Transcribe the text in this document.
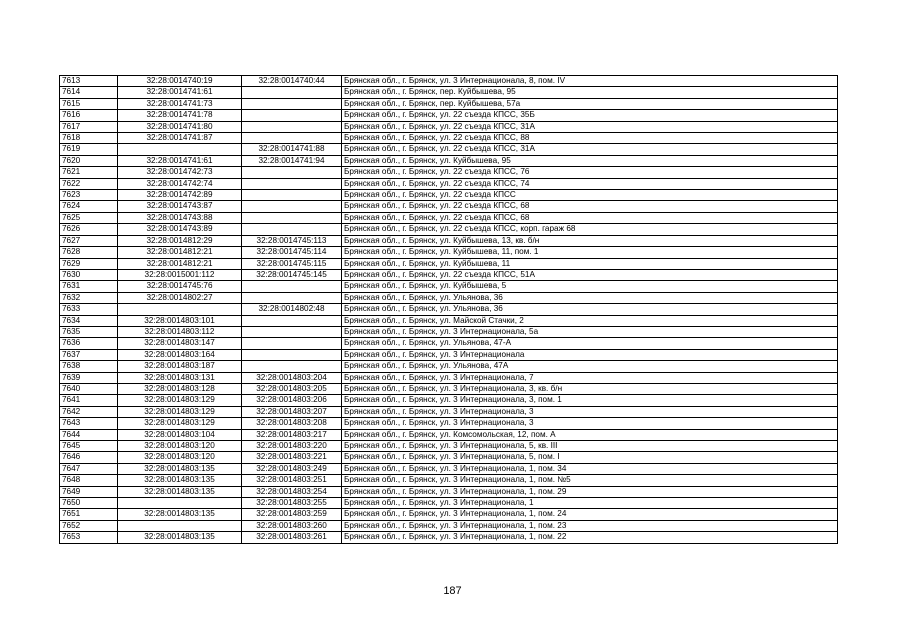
7613	32:28:0014740:19	32:28:0014740:44	Брянская обл., г. Брянск, ул. 3 Интернационала, 8, пом. IV
7614	32:28:0014741:61		Брянская обл., г. Брянск, пер. Куйбышева, 95
7615	32:28:0014741:73		Брянская обл., г. Брянск, пер. Куйбышева, 57а
7616	32:28:0014741:78		Брянская обл., г. Брянск, ул. 22 съезда КПСС, 35Б
7617	32:28:0014741:80		Брянская обл., г. Брянск, ул. 22 съезда КПСС, 31А
7618	32:28:0014741:87		Брянская обл., г. Брянск, ул. 22 съезда КПСС, 88
7619		32:28:0014741:88	Брянская обл., г. Брянск, ул. 22 съезда КПСС, 31А
7620	32:28:0014741:61	32:28:0014741:94	Брянская обл., г. Брянск, ул. Куйбышева, 95
7621	32:28:0014742:73		Брянская обл., г. Брянск, ул. 22 съезда КПСС, 76
7622	32:28:0014742:74		Брянская обл., г. Брянск, ул. 22 съезда КПСС, 74
7623	32:28:0014742:89		Брянская обл., г. Брянск, ул. 22 съезда КПСС
7624	32:28:0014743:87		Брянская обл., г. Брянск, ул. 22 съезда КПСС, 68
7625	32:28:0014743:88		Брянская обл., г. Брянск, ул. 22 съезда КПСС, 68
7626	32:28:0014743:89		Брянская обл., г. Брянск, ул. 22 съезда КПСС, корп. гараж 68
7627	32:28:0014812:29	32:28:0014745:113	Брянская обл., г. Брянск, ул. Куйбышева, 13, кв. б/н
7628	32:28:0014812:21	32:28:0014745:114	Брянская обл., г. Брянск, ул. Куйбышева, 11, пом. 1
7629	32:28:0014812:21	32:28:0014745:115	Брянская обл., г. Брянск, ул. Куйбышева, 11
7630	32:28:0015001:112	32:28:0014745:145	Брянская обл., г. Брянск, ул. 22 съезда КПСС, 51А
7631	32:28:0014745:76		Брянская обл., г. Брянск, ул. Куйбышева, 5
7632	32:28:0014802:27		Брянская обл., г. Брянск, ул. Ульянова, 36
7633		32:28:0014802:48	Брянская обл., г. Брянск, ул. Ульянова, 36
7634	32:28:0014803:101		Брянская обл., г. Брянск, ул. Майской Стачки, 2
7635	32:28:0014803:112		Брянская обл., г. Брянск, ул. 3 Интернационала, 5а
7636	32:28:0014803:147		Брянская обл., г. Брянск, ул. Ульянова, 47-А
7637	32:28:0014803:164		Брянская обл., г. Брянск, ул. 3 Интернационала
7638	32:28:0014803:187		Брянская обл., г. Брянск, ул. Ульянова, 47А
7639	32:28:0014803:131	32:28:0014803:204	Брянская обл., г. Брянск, ул. 3 Интернационала, 7
7640	32:28:0014803:128	32:28:0014803:205	Брянская обл., г. Брянск, ул. 3 Интернационала, 3, кв. б/н
7641	32:28:0014803:129	32:28:0014803:206	Брянская обл., г. Брянск, ул. 3 Интернационала, 3, пом. 1
7642	32:28:0014803:129	32:28:0014803:207	Брянская обл., г. Брянск, ул. 3 Интернационала, 3
7643	32:28:0014803:129	32:28:0014803:208	Брянская обл., г. Брянск, ул. 3 Интернационала, 3
7644	32:28:0014803:104	32:28:0014803:217	Брянская обл., г. Брянск, ул. Комсомольская, 12, пом. А
7645	32:28:0014803:120	32:28:0014803:220	Брянская обл., г. Брянск, ул. 3 Интернационала, 5, кв. III
7646	32:28:0014803:120	32:28:0014803:221	Брянская обл., г. Брянск, ул. 3 Интернационала, 5, пом. I
7647	32:28:0014803:135	32:28:0014803:249	Брянская обл., г. Брянск, ул. 3 Интернационала, 1, пом. 34
7648	32:28:0014803:135	32:28:0014803:251	Брянская обл., г. Брянск, ул. 3 Интернационала, 1, пом. №5
7649	32:28:0014803:135	32:28:0014803:254	Брянская обл., г. Брянск, ул. 3 Интернационала, 1, пом. 29
7650		32:28:0014803:255	Брянская обл., г. Брянск, ул. 3 Интернационала, 1
7651	32:28:0014803:135	32:28:0014803:259	Брянская обл., г. Брянск, ул. 3 Интернационала, 1, пом. 24
7652		32:28:0014803:260	Брянская обл., г. Брянск, ул. 3 Интернационала, 1, пом. 23
7653	32:28:0014803:135	32:28:0014803:261	Брянская обл., г. Брянск, ул. 3 Интернационала, 1, пом. 22
187
